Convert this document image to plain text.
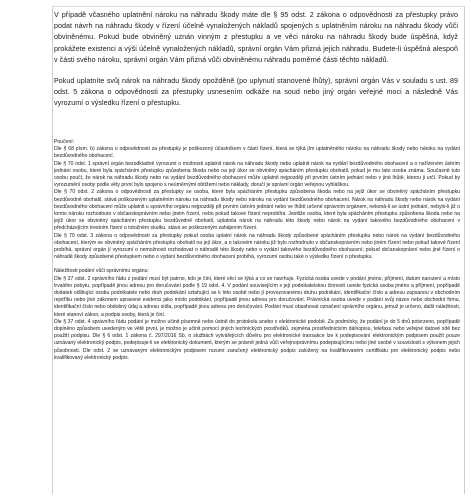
V případě včasného uplatnění nároku na náhradu škody máte dle § 95 odst. 2 zákona o odpovědnosti za přestupky právo podat návrh na náhradu škody v řízení účelně vynaložených nákladů spojených s uplatněním nároku na náhradu škody vůči obviněnému. Pokud bude obviněný uznán vinným z přestupku a ve věci nároku na náhradu škody bude úspěšná, když prokážete existenci a výši účelně vynaložených nákladů, správní orgán Vám přizná jejich náhradu. Budete-li úspěšná alespoň v části svého nároku, správní orgán Vám přizná vůči obviněnému náhradu poměrné části těchto nákladů.

Pokud uplatníte svůj nárok na náhradu škody opožděně (po uplynutí stanovené lhůty), správní orgán Vás v souladu s ust. 89 odst. 5 zákona o odpovědnosti za přestupky usnesením odkáže na soud nebo jiný orgán veřejné moci a následně Vás vyrozumí o výsledku řízení o přestupku.

Poučení:

Dle § 68 písm. b) zákona o odpovědnosti za přestupky je poškozený účastníkem v části řízení, která se týká jím uplatněného nároku na náhradu škody nebo nároku na vydání bezdůvodného obohacení.

Dle § 70 odst. 1 správní orgán bezodkladně vyrozumí o možnosti uplatnit nárok na náhradu škody nebo uplatnit nárok na vydání bezdůvodného obohacení a o nařízeném ústním jednání osobu, které byla spácháním přestupku způsobena škoda nebo na její úkor se obviněný spácháním přestupku obohatil, pokud je mu tato osoba známa. Současně tuto osobu poučí, že nárok na náhradu škody nebo na vydání bezdůvodného obohacení může uplatnit nejpozději při prvním ústním jednání nebo v jiné lhůtě, kterou ji určí. Pokud by vyrozumění osoby podle věty první bylo spojeno s neúměrnými obtížemi nebo náklady, doručí je správní orgán veřejnou vyhláškou.

Dle § 70 odst. 2 zákona o odpovědnosti za přestupky se osoba, které byla spácháním přestupku způsobena škoda nebo na jejíž úkor se obviněný spácháním přestupku bezdůvodně obohatil, stává poškozeným uplatněním nároku na náhradu škody nebo nároku na vydání bezdůvodného obohacení. Nárok na náhradu škody nebo nárok na vydání bezdůvodného obohacení může uplatnit u správního orgánu nejpozději při prvním ústním jednání nebo ve lhůtě určené správním orgánem, nekoná-li se ústní jednání, nebylo-li již o tomto nároku rozhodnuto v občanskoprávním nebo jiném řízení, nebo pokud takové řízení neprobíhá. Jestliže osoba, které byla spácháním přestupku způsobena škoda nebo na jejíž úkor se obviněný spácháním přestupku bezdůvodně obohatil, uplatnila nárok na náhradu této škody nebo nárok na vydání takového bezdůvodného obohacení v předcházejícím trestním řízení o totožném skutku, stává se poškozeným zahájením řízení.

Dle § 70 odst. 3 zákona o odpovědnosti za přestupky pokud osoba uplatní nárok na náhradu škody způsobené spácháním přestupku nebo nárok na vydání bezdůvodného obohacení, kterým se obviněný spácháním přestupku obohatil na její úkor, a o takovém nároku již bylo rozhodnuto v občanskoprávním nebo jiném řízení nebo pokud takové řízení probíhá, správní orgán jí vyrozumí o nemožnosti rozhodovat o náhradě této škody nebo o vydání takového bezdůvodného obohacení; pokud občanskoprávní nebo jiné řízení o náhradě škody způsobené přestupkem nebo o vydání bezdůvodného obohacení probíhá, vyrozumí osobu také o výsledku řízení o přestupku.

Náležitosti podání vůči správnímu orgánu:

Dle § 37 odst. 2 správního řádu z podání musí být patrno, kdo je činí, které věci se týká a co se navrhuje. Fyzická osoba uvede v podání jméno, příjmení, datum narození a místo trvalého pobytu, popřípadě jinou adresu pro doručování podle § 19 odst. 4. V podání souvisejícím s její podnikatelskou činností uvede fyzická osoba jméno a příjmení, popřípadě dodatek odlišující osobu podnikatele nebo druh podnikání vztahující se k této osobě nebo jí provozovanému druhu podnikání, identifikační číslo a adresu zapsanou v obchodním rejstříku nebo jiné zákonem upravené evidenci jako místo podnikání, popřípadě jinou adresu pro doručování. Právnická osoba uvede v podání svůj název nebo obchodní firmu, identifikační číslo nebo obdobný údaj a adresu sídla, popřípadě jinou adresu pro doručování. Podání musí obsahovat označení správního orgánu, jemuž je určeno, další náležitosti, které stanoví zákon, a podpis osoby, která je činí.

Dle § 37 odst. 4 správního řádu podání je možno učinit písemně nebo ústně do protokolu anebo v elektronické podobě. Za podmínky, že podání je do 5 dnů potvrzeno, popřípadě doplněno způsobem uvedeným ve větě první, je možno je učinit pomocí jiných technických prostředků, zejména prostřednictvím dálnopisu, telefaxu nebo veřejné datové sítě bez použití podpisu. Dle § 6 odst. 1 zákona č. 297/2016 Sb. o službách vytvářejících důvěru pro elektronické transakce lze k podepisování elektronickým podpisem použít pouze uznávaný elektronický podpis, podepisuje-li se elektronický dokument, kterým se právně jedná vůči veřejnoprávnímu podepisujícímu nebo jiné osobě v souvislosti s výkonem jejich působnosti. Dle odst. 2 se uznávaným elektronickým podpisem rozumí zaručený elektronický podpis založený na kvalifikovaném certifikátu pro elektronický podpis nebo kvalifikovaný elektronický podpis.
